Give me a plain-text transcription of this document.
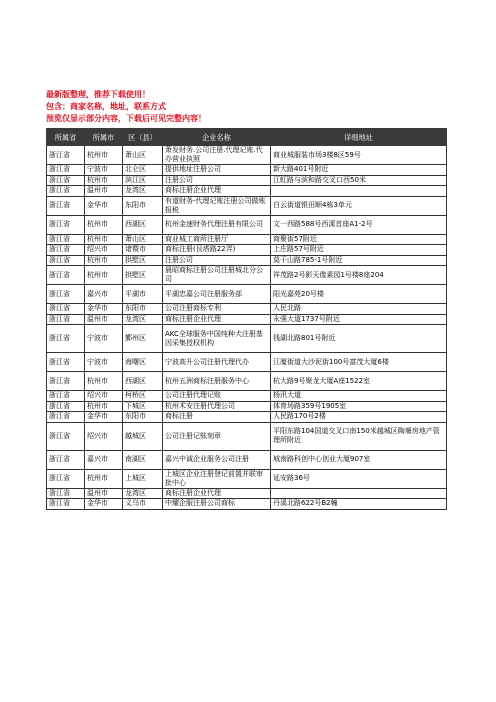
最新版整理，推荐下载使用！
包含：商家名称，地址，联系方式
预览仅显示部分内容，下载后可见完整内容！
所属省	所属市	区（县）	企业名称	详细地址
浙江省	杭州市	萧山区	萧发财务.公司注册.代理记账.代办营业执照	商业城服装市场3楼8区59号
浙江省	宁波市	北仑区	提供地址注册公司	新大路401号附近
浙江省	杭州市	滨江区	注册公司	江虹路与滨和路交叉口西50米
浙江省	温州市	龙湾区	商标注册企业代理	
浙江省	金华市	东阳市	有道财务-代理记账注册公司做账报税	白云街道银田顺4栋3单元
浙江省	杭州市	西湖区	杭州金速财务代理注册有限公司	文一西路588号西溪首座A1-2号
浙江省	杭州市	萧山区	商业城工商所注册厅	商聚街57附近
浙江省	绍兴市	诸暨市	商标注册(艮塔路22弄)	上庄路57号附近
浙江省	杭州市	拱墅区	注册公司	莫干山路785-1号附近
浙江省	杭州市	拱墅区	晨昭商标注册公司注册城北分公司	祥茂路2号影天像素园1号楼8座204
浙江省	嘉兴市	平湖市	平湖忠嘉公司注册服务部	阳光嘉苑20号楼
浙江省	金华市	东阳市	公司注册商标专利	人民北路
浙江省	温州市	龙湾区	商标注册企业代理	永强大道1737号附近
浙江省	宁波市	鄞州区	AKC全球服务中国纯种犬注册基因采集授权机构	钱湖北路801号附近
浙江省	宁波市	海曙区	宁波高升公司注册代理代办	江厦街道大沙泥街100号富茂大厦6楼
浙江省	杭州市	西湖区	杭州五洲商标注册服务中心	杭大路9号聚龙大厦A座1522室
浙江省	绍兴市	柯桥区	公司注册代理记账	杨汛大道
浙江省	杭州市	下城区	杭州术安注册代理公司	体育场路359号1905室
浙江省	金华市	东阳市	商标注册	人民路170号2楼
浙江省	绍兴市	越城区	公司注册记账刻章	平阳东路104国道交叉口南150米越城区陶堰房地产管理所附近
浙江省	嘉兴市	南湖区	嘉兴中诚企业服务公司注册	城南路科创中心创业大厦907室
浙江省	杭州市	上城区	上城区企业注册登记前置并联审批中心	延安路36号
浙江省	温州市	龙湾区	商标注册企业代理	
浙江省	金华市	义乌市	中耀企服注册公司商标	丹溪北路622号B2幢
